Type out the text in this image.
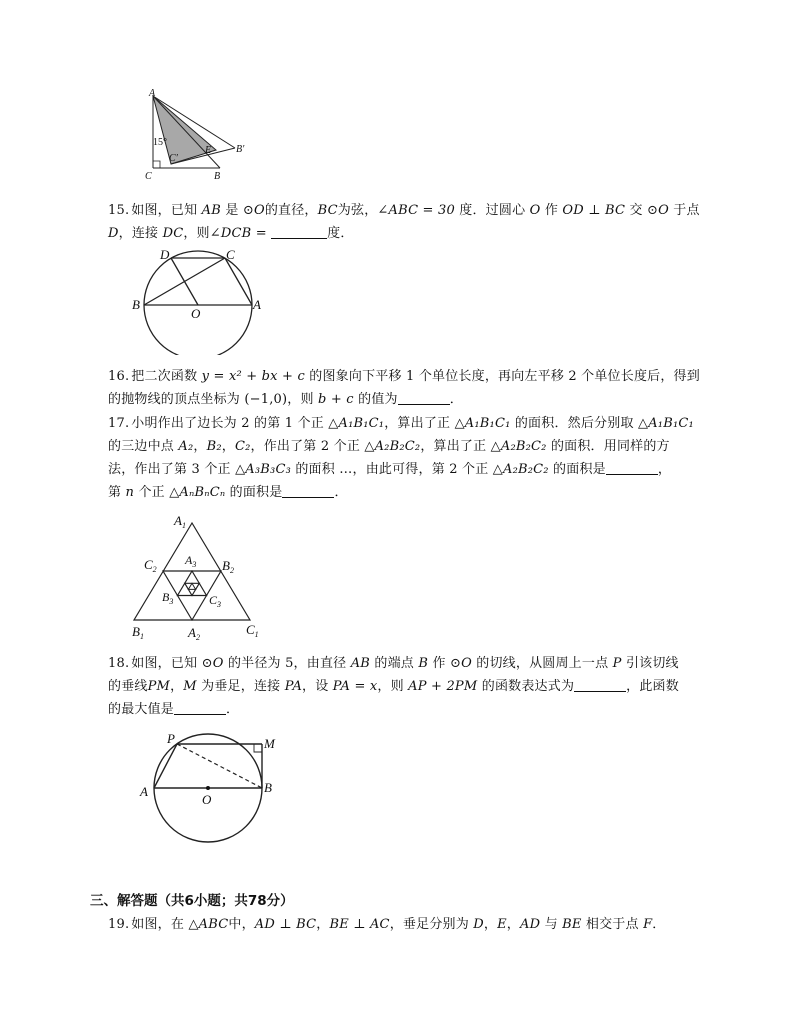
A
15°
C′
E B′
C	B
15. 如图，已知 AB 是 ⊙O的直径，BC为弦，∠ABC = 30 度．过圆心 O 作 OD ⊥ BC 交 ⊙O 于点
D，连接 DC，则∠DCB =	度．
D	C
B
O
A
16. 把二次函数 y = x² + bx + c 的图象向下平移 1 个单位长度，再向左平移 2 个单位长度后，得到
的抛物线的顶点坐标为 (−1,0)，则 b + c 的值为	．
17. 小明作出了边长为 2 的第 1 个正 △A₁B₁C₁，算出了正 △A₁B₁C₁ 的面积．然后分别取 △A₁B₁C₁
的三边中点 A₂，B₂，C₂，作出了第 2 个正 △A₂B₂C₂，算出了正 △A₂B₂C₂ 的面积．用同样的方
法，作出了第 3 个正 △A₃B₃C₃ 的面积 …，由此可得，第 2 个正 △A₂B₂C₂ 的面积是	，
第 n 个正 △AₙBₙCₙ 的面积是	．
$A_1$
$C_2$	$B_2$
$A_3$
$B_3$	$C_3$
$B_1$	$A_2$
$C_1$
18. 如图，已知 ⊙O 的半径为 5，由直径 AB 的端点 B 作 ⊙O 的切线，从圆周上一点 P 引该切线
的垂线PM，M 为垂足，连接 PA，设 PA = x，则 AP + 2PM 的函数表达式为	，此函数
的最大值是	．
P	M
A
O
B
三、解答题（共6小题；共78分）
19. 如图，在 △ABC中，AD ⊥ BC，BE ⊥ AC，垂足分别为 D，E，AD 与 BE 相交于点 F．
